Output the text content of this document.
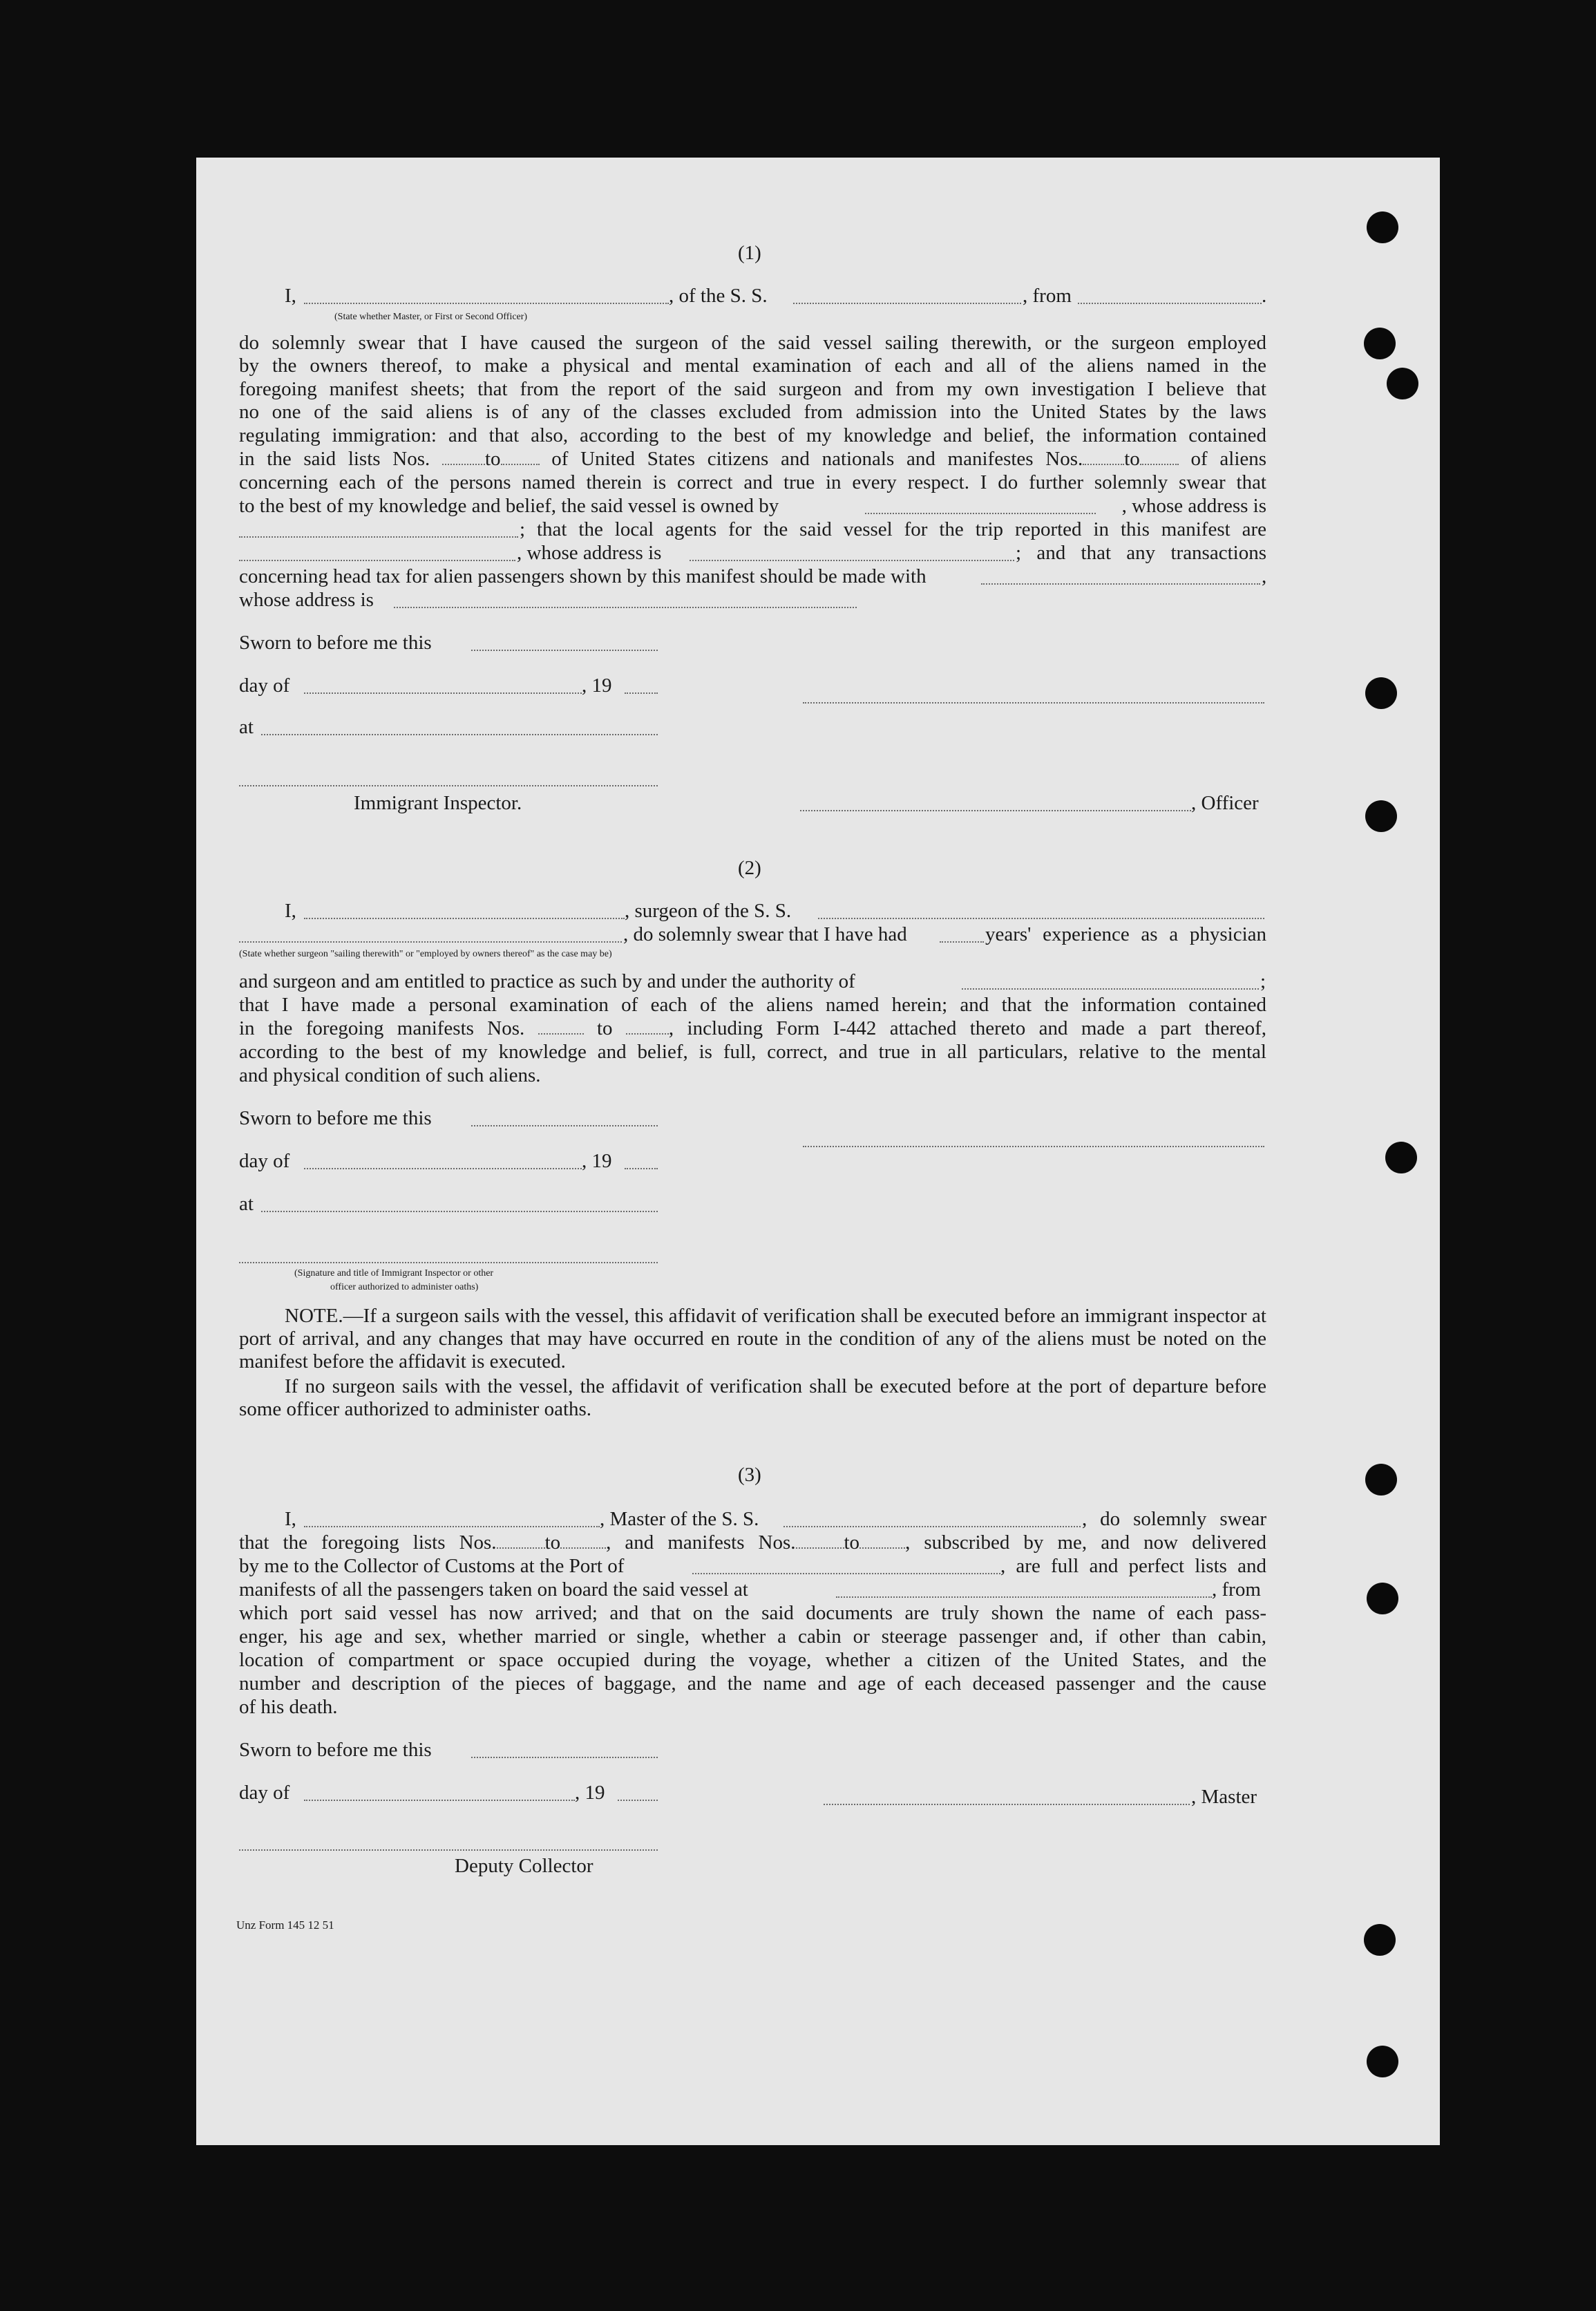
(1)
I,	, of the S. S.	, from	.
(State whether Master, or First or Second Officer)
do solemnly swear that I have caused the surgeon of the said vessel sailing therewith, or the surgeon employed
by the owners thereof, to make a physical and mental examination of each and all of the aliens named in the
foregoing manifest sheets; that from the report of the said surgeon and from my own investigation I believe that
no one of the said aliens is of any of the classes excluded from admission into the United States by the laws
regulating immigration: and that also, according to the best of my knowledge and belief, the information contained
in the said lists Nos.	to	of United States citizens and nationals and manifestes Nos. to	of aliens
concerning each of the persons named therein is correct and true in every respect. I do further solemnly swear that
to the best of my knowledge and belief, the said vessel is owned by	, whose address is
; that the local agents for the said vessel for the trip reported in this manifest are
, whose address is	; and that any transactions
concerning head tax for alien passengers shown by this manifest should be made with	,
whose address is
Sworn to before me this
day of	, 19
at
Immigrant Inspector.	, Officer
(2)
I,	, surgeon of the S. S.
, do solemnly swear that I have had	years' experience as a physician
(State whether surgeon "sailing therewith" or "employed by owners thereof" as the case may be)
and surgeon and am entitled to practice as such by and under the authority of	;
that I have made a personal examination of each of the aliens named herein; and that the information contained
in the foregoing manifests Nos.	to	, including Form I-442 attached thereto and made a part thereof,
according to the best of my knowledge and belief, is full, correct, and true in all particulars, relative to the mental
and physical condition of such aliens.
Sworn to before me this
day of	, 19
at
(Signature and title of Immigrant Inspector or other
officer authorized to administer oaths)
NOTE.—If a surgeon sails with the vessel, this affidavit of verification shall be executed before an immigrant inspector at port of arrival, and any changes that may have occurred en route in the condition of any of the aliens must be noted on the manifest before the affidavit is executed.
If no surgeon sails with the vessel, the affidavit of verification shall be executed before at the port of departure before some officer authorized to administer oaths.
(3)
I,	, Master of the S. S.	, do solemnly swear
that the foregoing lists Nos. to , and manifests Nos. to , subscribed by me, and now delivered
by me to the Collector of Customs at the Port of	, are full and perfect lists and
manifests of all the passengers taken on board the said vessel at	, from
which port said vessel has now arrived; and that on the said documents are truly shown the name of each pass-
enger, his age and sex, whether married or single, whether a cabin or steerage passenger and, if other than cabin,
location of compartment or space occupied during the voyage, whether a citizen of the United States, and the
number and description of the pieces of baggage, and the name and age of each deceased passenger and the cause
of his death.
Sworn to before me this
day of	, 19	, Master
Deputy Collector
Unz Form 145 12 51
